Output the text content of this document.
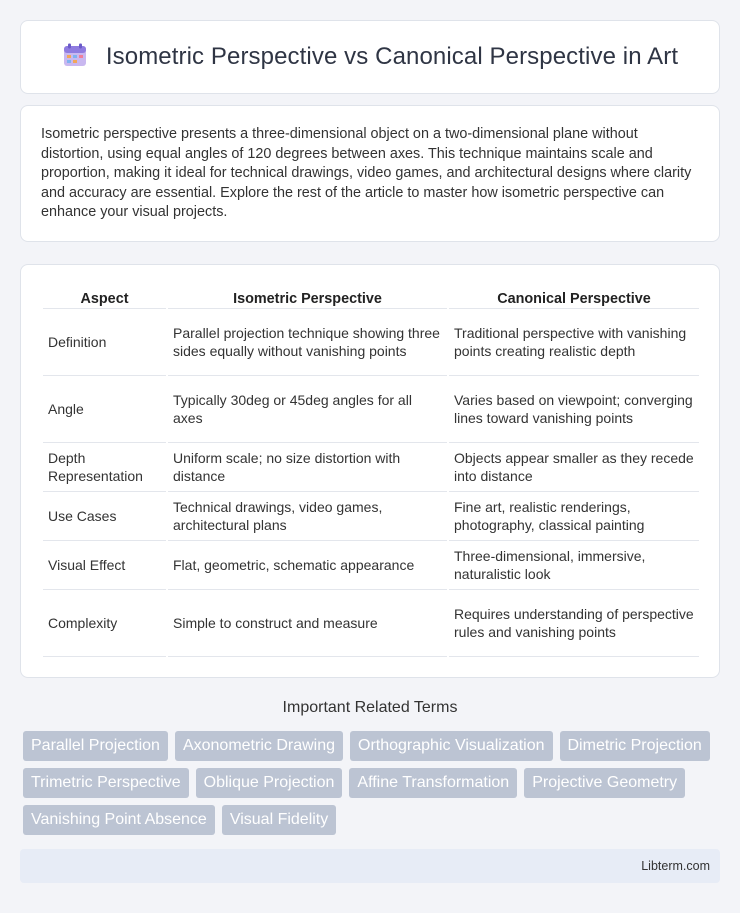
Isometric Perspective vs Canonical Perspective in Art

Isometric perspective presents a three-dimensional object on a two-dimensional plane without distortion, using equal angles of 120 degrees between axes. This technique maintains scale and proportion, making it ideal for technical drawings, video games, and architectural designs where clarity and accuracy are essential. Explore the rest of the article to master how isometric perspective can enhance your visual projects.

Aspect	Isometric Perspective	Canonical Perspective
Definition	Parallel projection technique showing three sides equally without vanishing points	Traditional perspective with vanishing points creating realistic depth
Angle	Typically 30deg or 45deg angles for all axes	Varies based on viewpoint; converging lines toward vanishing points
Depth Representation	Uniform scale; no size distortion with distance	Objects appear smaller as they recede into distance
Use Cases	Technical drawings, video games, architectural plans	Fine art, realistic renderings, photography, classical painting
Visual Effect	Flat, geometric, schematic appearance	Three-dimensional, immersive, naturalistic look
Complexity	Simple to construct and measure	Requires understanding of perspective rules and vanishing points
Important Related Terms
Parallel Projection	Axonometric Drawing	Orthographic Visualization	Dimetric Projection
Trimetric Perspective	Oblique Projection	Affine Transformation	Projective Geometry
Vanishing Point Absence	Visual Fidelity
Libterm.com
